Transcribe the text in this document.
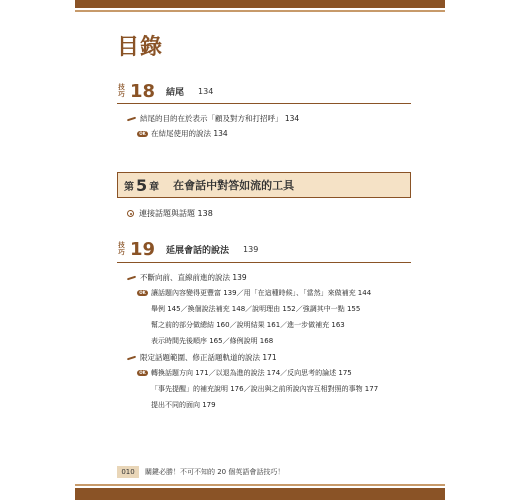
目錄
技巧 18	結尾 134
結尾的目的在於表示「顧及對方和打招呼」 134
OK 在結尾使用的說法 134
第 5 章 在會話中對答如流的工具
連接話題與話題 138
技巧 19	延展會話的說法 139
不斷向前、直線前進的說法 139
OK 讓話題內容變得更豐富 139／用「在這種時候」、「當然」來做補充 144
舉例 145／換個說法補充 148／說明理由 152／強調其中一點 155
幫之前的部分做總結 160／說明結果 161／進一步做補充 163
表示時間先後順序 165／條例說明 168
限定話題範圍、修正話題軌道的說法 171
OK 轉換話題方向 171／以退為進的說法 174／反向思考的論述 175
「事先提醒」的補充說明 176／說出與之前所說內容互相對照的事物 177
提出不同的面向 179
010	關鍵必勝！不可不知的 20 個英語會話技巧！
